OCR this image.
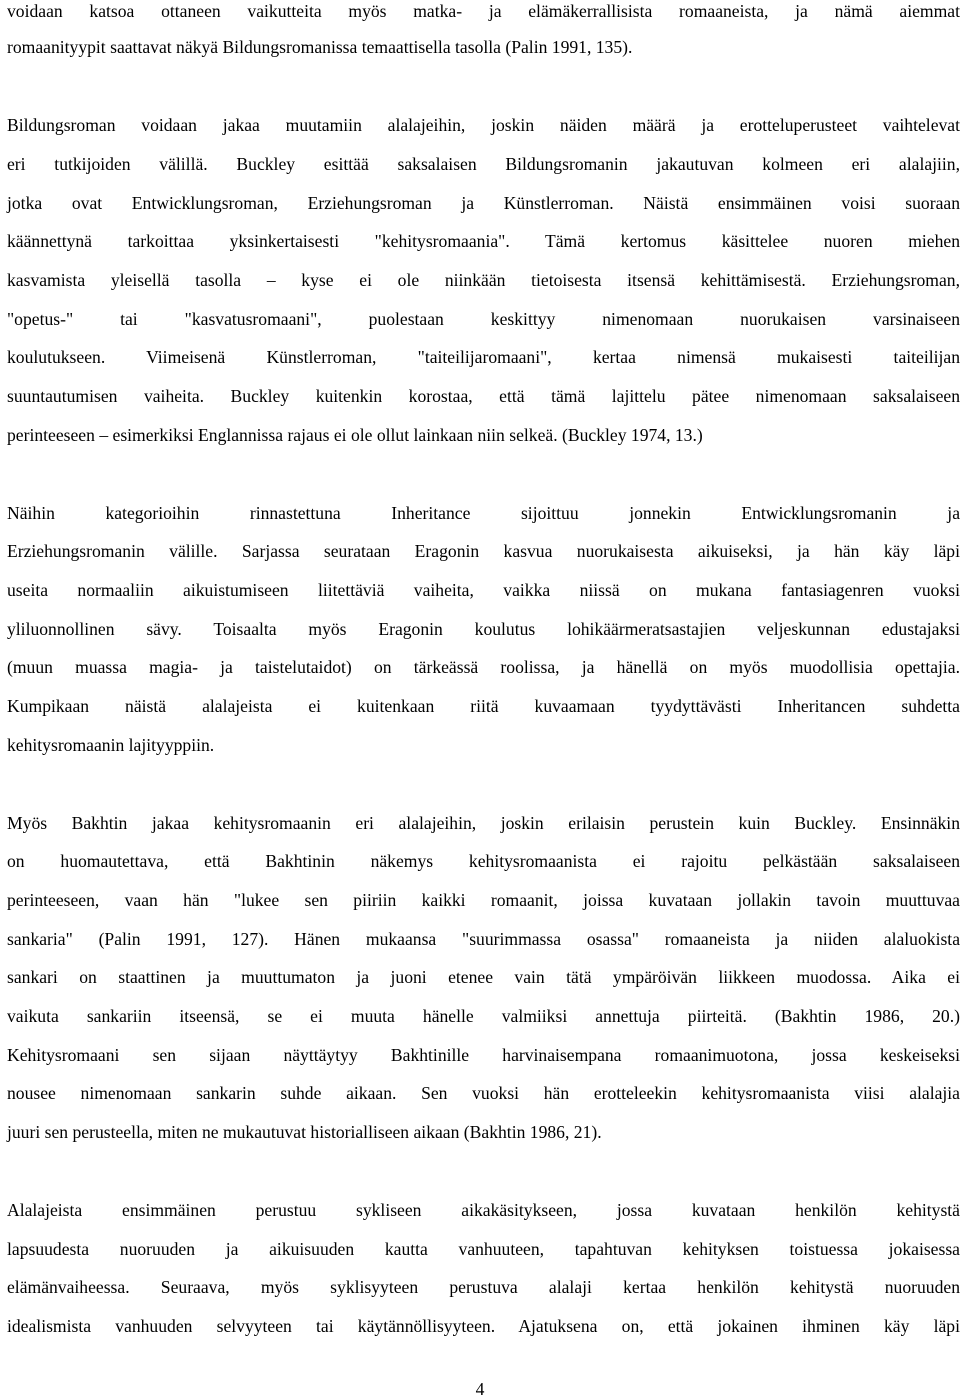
voidaan katsoa ottaneen vaikutteita myös matka- ja elämäkerrallisista romaaneista, ja nämä aiemmat
romaanityypit saattavat näkyä Bildungsromanissa temaattisella tasolla (Palin 1991, 135).
Bildungsroman voidaan jakaa muutamiin alalajeihin, joskin näiden määrä ja erotteluperusteet vaihtelevat
eri tutkijoiden välillä. Buckley esittää saksalaisen Bildungsromanin jakautuvan kolmeen eri alalajiin,
jotka ovat Entwicklungsroman, Erziehungsroman ja Künstlerroman. Näistä ensimmäinen voisi suoraan
käännettynä tarkoittaa yksinkertaisesti "kehitysromaania". Tämä kertomus käsittelee nuoren miehen
kasvamista yleisellä tasolla – kyse ei ole niinkään tietoisesta itsensä kehittämisestä. Erziehungsroman,
"opetus-" tai "kasvatusromaani", puolestaan keskittyy nimenomaan nuorukaisen varsinaiseen
koulutukseen. Viimeisenä Künstlerroman, "taiteilijaromaani", kertaa nimensä mukaisesti taiteilijan
suuntautumisen vaiheita. Buckley kuitenkin korostaa, että tämä lajittelu pätee nimenomaan saksalaiseen
perinteeseen – esimerkiksi Englannissa rajaus ei ole ollut lainkaan niin selkeä. (Buckley 1974, 13.)
Näihin kategorioihin rinnastettuna Inheritance sijoittuu jonnekin Entwicklungsromanin ja
Erziehungsromanin välille. Sarjassa seurataan Eragonin kasvua nuorukaisesta aikuiseksi, ja hän käy läpi
useita normaaliin aikuistumiseen liitettäviä vaiheita, vaikka niissä on mukana fantasiagenren vuoksi
yliluonnollinen sävy. Toisaalta myös Eragonin koulutus lohikäärmeratsastajien veljeskunnan edustajaksi
(muun muassa magia- ja taistelutaidot) on tärkeässä roolissa, ja hänellä on myös muodollisia opettajia.
Kumpikaan näistä alalajeista ei kuitenkaan riitä kuvaamaan tyydyttävästi Inheritancen suhdetta
kehitysromaanin lajityyppiin.
Myös Bakhtin jakaa kehitysromaanin eri alalajeihin, joskin erilaisin perustein kuin Buckley. Ensinnäkin
on huomautettava, että Bakhtinin näkemys kehitysromaanista ei rajoitu pelkästään saksalaiseen
perinteeseen, vaan hän "lukee sen piiriin kaikki romaanit, joissa kuvataan jollakin tavoin muuttuvaa
sankaria" (Palin 1991, 127). Hänen mukaansa "suurimmassa osassa" romaaneista ja niiden alaluokista
sankari on staattinen ja muuttumaton ja juoni etenee vain tätä ympäröivän liikkeen muodossa. Aika ei
vaikuta sankariin itseensä, se ei muuta hänelle valmiiksi annettuja piirteitä. (Bakhtin 1986, 20.)
Kehitysromaani sen sijaan näyttäytyy Bakhtinille harvinaisempana romaanimuotona, jossa keskeiseksi
nousee nimenomaan sankarin suhde aikaan. Sen vuoksi hän erotteleekin kehitysromaanista viisi alalajia
juuri sen perusteella, miten ne mukautuvat historialliseen aikaan (Bakhtin 1986, 21).
Alalajeista ensimmäinen perustuu sykliseen aikakäsitykseen, jossa kuvataan henkilön kehitystä
lapsuudesta nuoruuden ja aikuisuuden kautta vanhuuteen, tapahtuvan kehityksen toistuessa jokaisessa
elämänvaiheessa. Seuraava, myös syklisyyteen perustuva alalaji kertaa henkilön kehitystä nuoruuden
idealismista vanhuuden selvyyteen tai käytännöllisyyteen. Ajatuksena on, että jokainen ihminen käy läpi
4
